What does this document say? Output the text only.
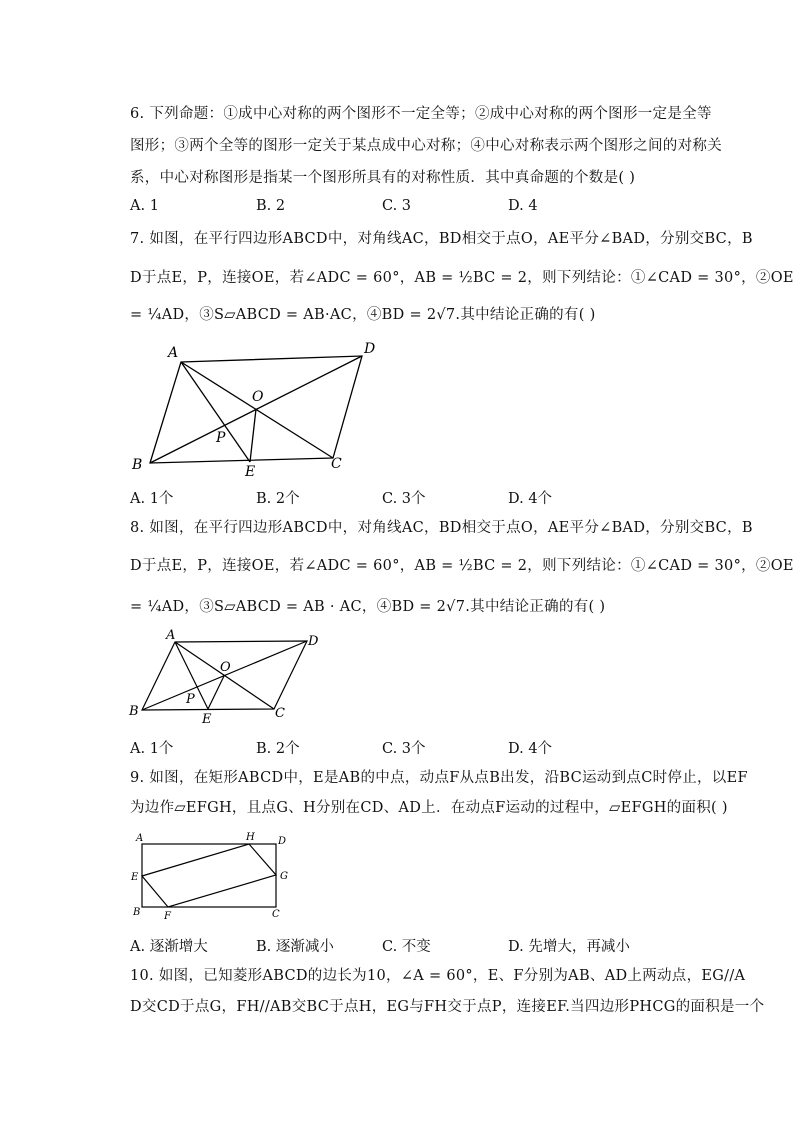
6. 下列命题：①成中心对称的两个图形不一定全等；②成中心对称的两个图形一定是全等
图形；③两个全等的图形一定关于某点成中心对称；④中心对称表示两个图形之间的对称关
系，中心对称图形是指某一个图形所具有的对称性质．其中真命题的个数是( )
A. 1	B. 2	C. 3	D. 4
7. 如图，在平行四边形ABCD中，对角线AC，BD相交于点O，AE平分∠BAD，分别交BC，B
D于点E，P，连接OE，若∠ADC = 60°，AB = ½BC = 2，则下列结论：①∠CAD = 30°，②OE
= ¼AD，③S▱ABCD = AB·AC，④BD = 2√7.其中结论正确的有( )
A	D
O
P
B	E	C
A. 1个	B. 2个	C. 3个	D. 4个
8. 如图，在平行四边形ABCD中，对角线AC，BD相交于点O，AE平分∠BAD，分别交BC，B
D于点E，P，连接OE，若∠ADC = 60°，AB = ½BC = 2，则下列结论：①∠CAD = 30°，②OE
= ¼AD，③S▱ABCD = AB · AC，④BD = 2√7.其中结论正确的有( )
A	D
O
P
B
E	C
A. 1个	B. 2个	C. 3个	D. 4个
9. 如图，在矩形ABCD中，E是AB的中点，动点F从点B出发，沿BC运动到点C时停止，以EF
为边作▱EFGH，且点G、H分别在CD、AD上．在动点F运动的过程中，▱EFGH的面积( )
A	H D
E	G
B F	C
A. 逐渐增大	B. 逐渐减小	C. 不变	D. 先增大，再减小
10. 如图，已知菱形ABCD的边长为10，∠A = 60°，E、F分别为AB、AD上两动点，EG//A
D交CD于点G，FH//AB交BC于点H，EG与FH交于点P，连接EF.当四边形PHCG的面积是一个
